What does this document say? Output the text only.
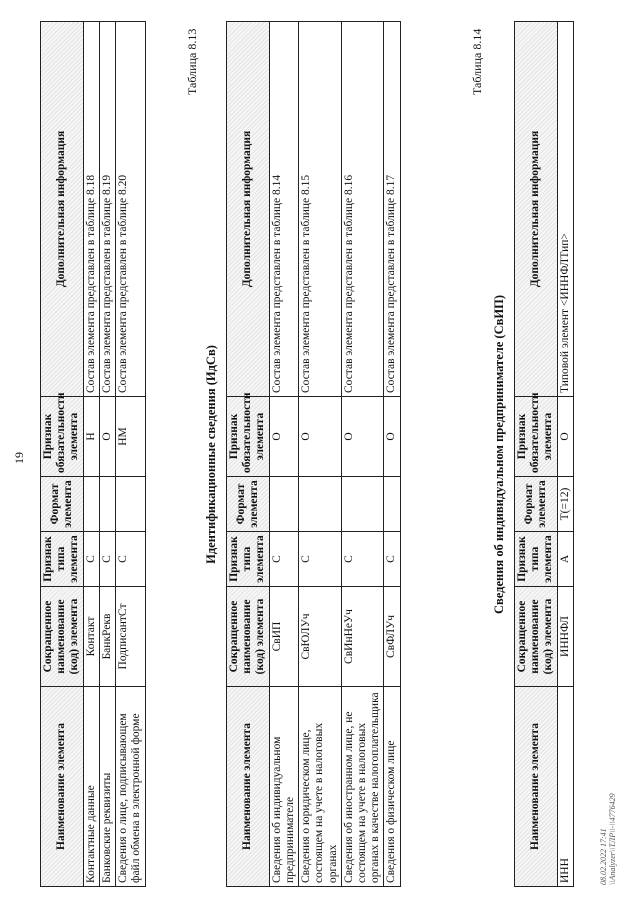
19
Наименование элемента	Сокращенное наименование (код) элемента	Признак типа элемента	Формат элемента	Признак обязательности элемента	Дополнительная информация
Контактные данные	Контакт	С		Н	Состав элемента представлен в таблице 8.18
Банковские реквизиты	БанкРекв	С		О	Состав элемента представлен в таблице 8.19
Сведения о лице, подписывающем файл обмена в электронной форме	ПодписантСт	С		НМ	Состав элемента представлен в таблице 8.20
Таблица 8.13
Идентификационные сведения (ИдСв)
Наименование элемента	Сокращенное наименование (код) элемента	Признак типа элемента	Формат элемента	Признак обязательности элемента	Дополнительная информация
Сведения об индивидуальном предпринимателе	СвИП	С		О	Состав элемента представлен в таблице 8.14
Сведения о юридическом лице, состоящем на учете в налоговых органах	СвЮЛУч	С		О	Состав элемента представлен в таблице 8.15
Сведения об иностранном лице, не состоящем на учете в налоговых органах в качестве налогоплательщика	СвИнНеУч	С		О	Состав элемента представлен в таблице 8.16
Сведения о физическом лице	СвФЛУч	С		О	Состав элемента представлен в таблице 8.17
Таблица 8.14
Сведения об индивидуальном предпринимателе (СвИП)
Наименование элемента	Сокращенное наименование (код) элемента	Признак типа элемента	Формат элемента	Признак обязательности элемента	Дополнительная информация
ИНН	ИННФЛ	А	Т(=12)	О	Типовой элемент <ИННФЛТип>
08.02.2022 17:41 \\Analyzer\\ТЛР\\-\\4776429
